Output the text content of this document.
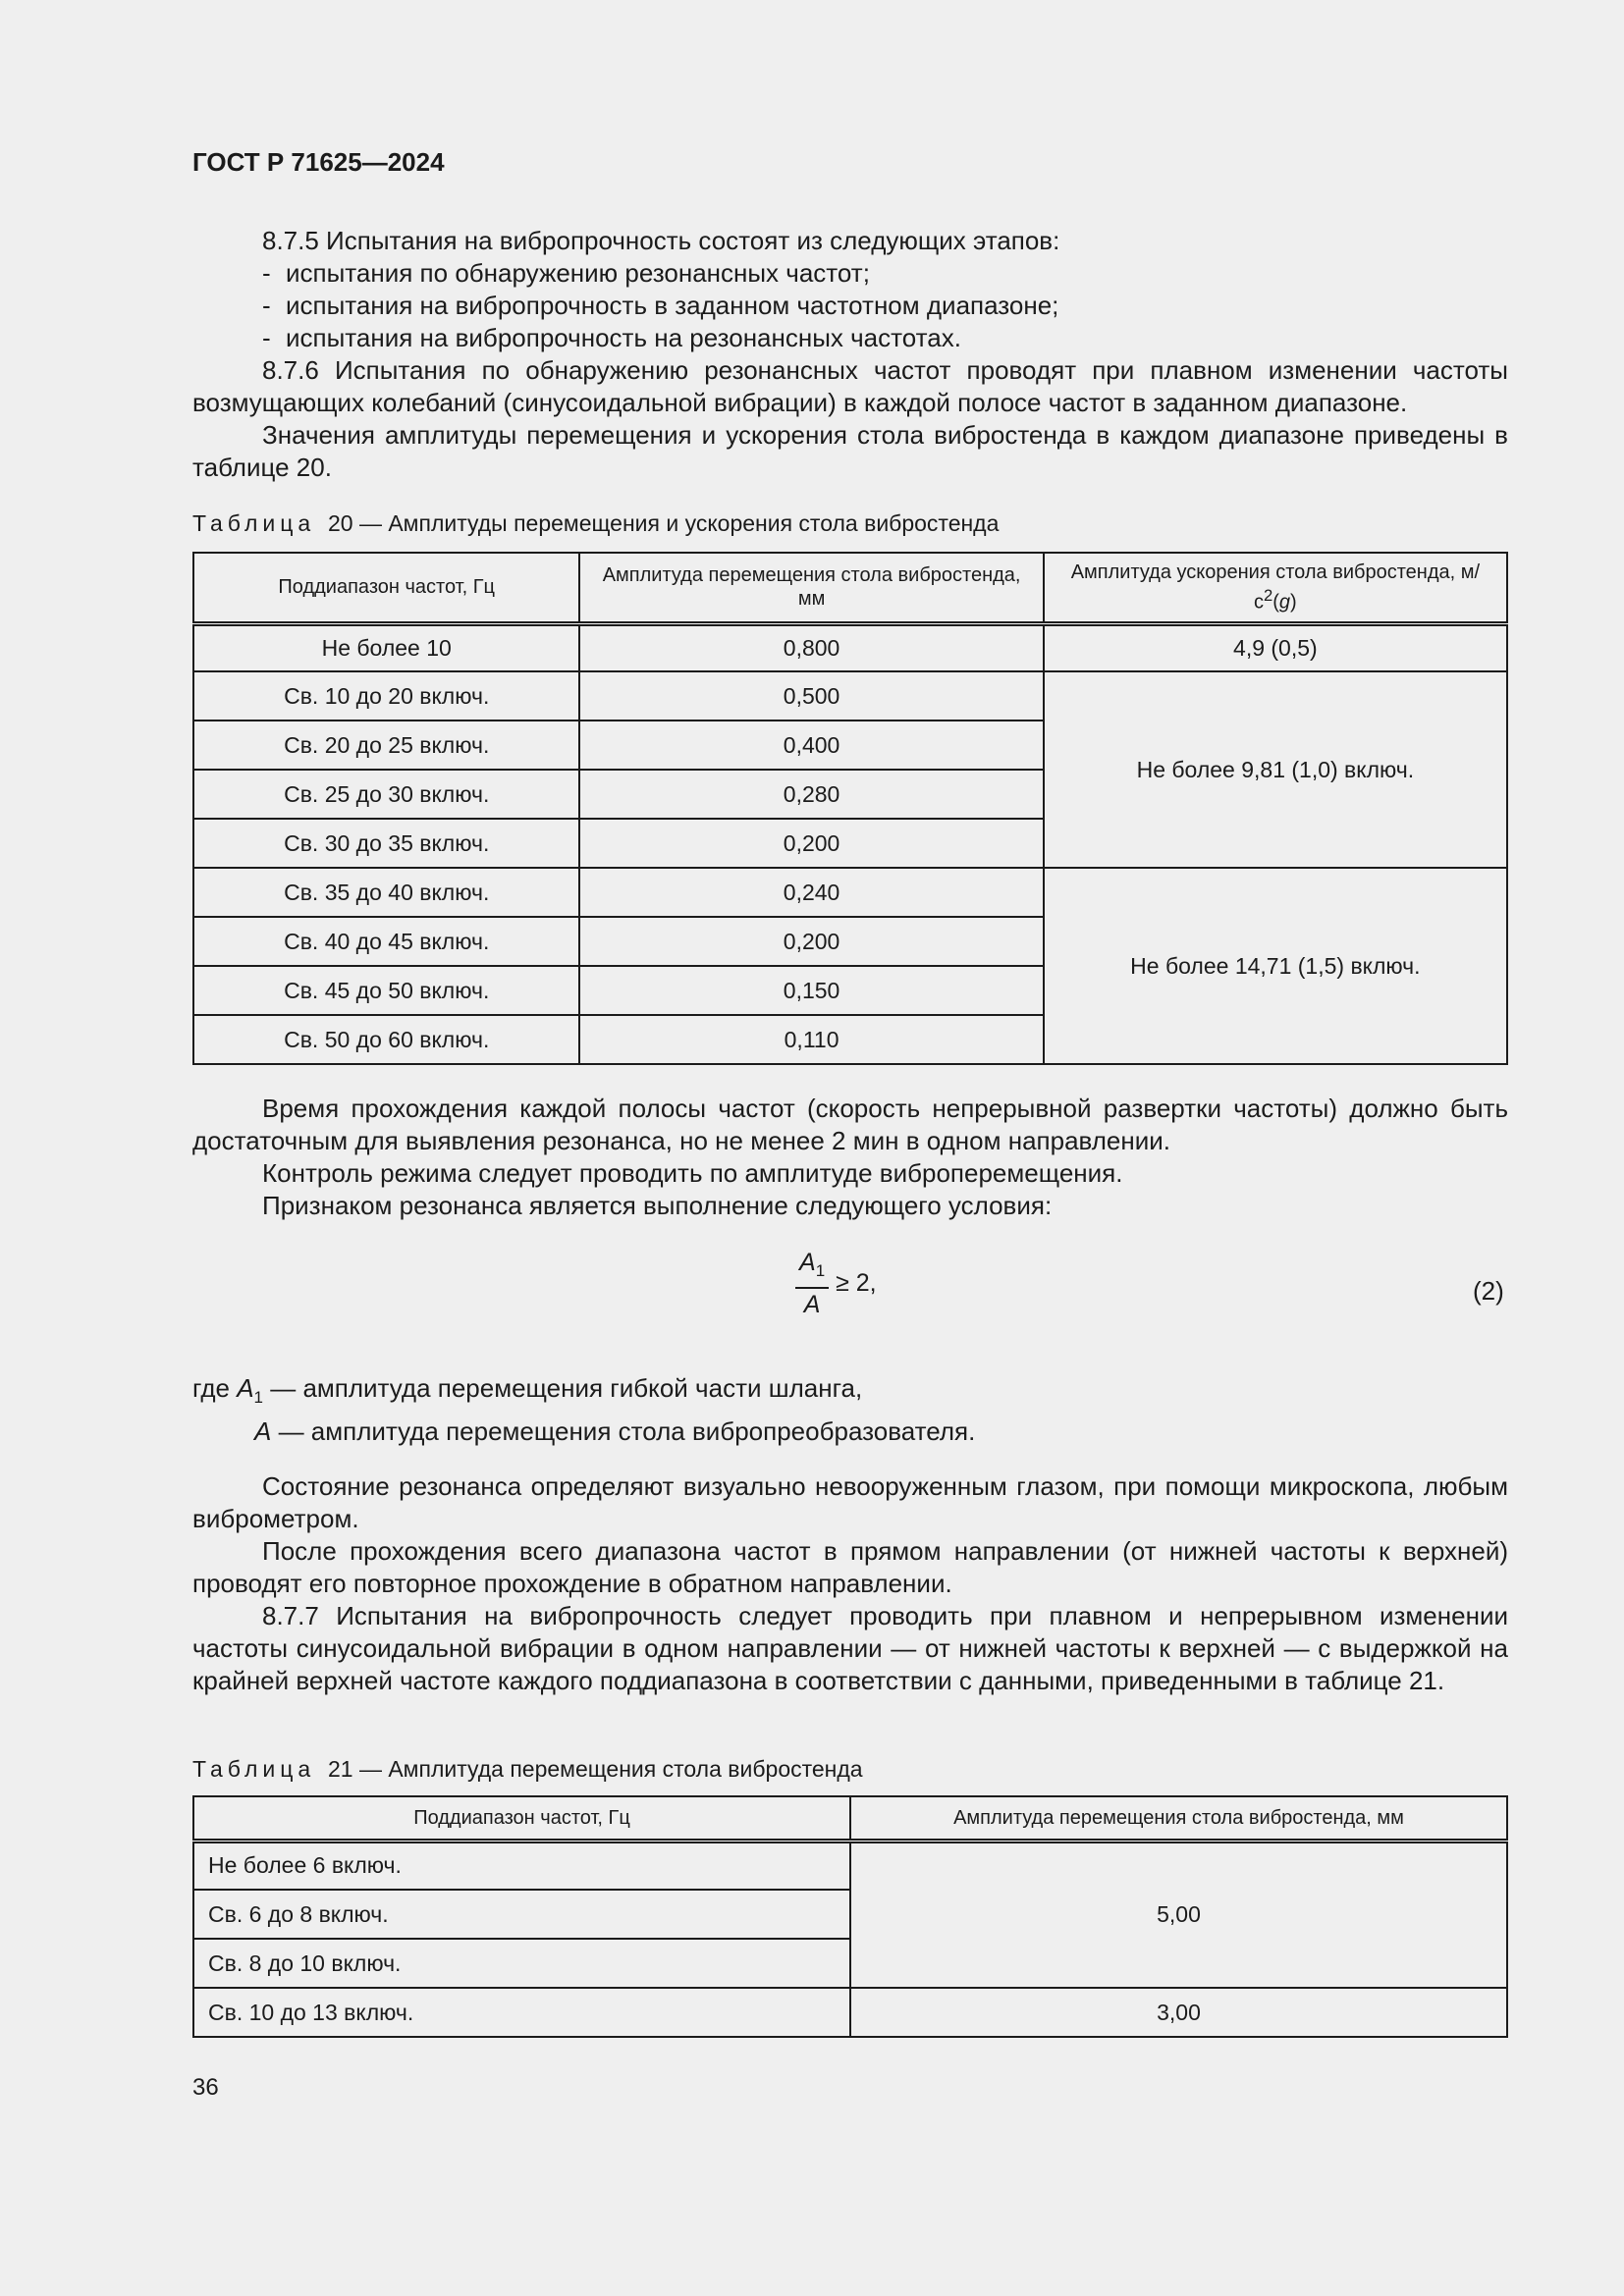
ГОСТ Р 71625—2024

8.7.5 Испытания на вибропрочность состоят из следующих этапов:

- испытания по обнаружению резонансных частот;

- испытания на вибропрочность в заданном частотном диапазоне;

- испытания на вибропрочность на резонансных частотах.

8.7.6 Испытания по обнаружению резонансных частот проводят при плавном изменении частоты возмущающих колебаний (синусоидальной вибрации) в каждой полосе частот в заданном диапазоне.

Значения амплитуды перемещения и ускорения стола вибростенда в каждом диапазоне приведены в таблице 20.

Таблица 20 — Амплитуды перемещения и ускорения стола вибростенда
Поддиапазон частот, Гц	Амплитуда перемещения стола вибростенда, мм	Амплитуда ускорения стола вибростенда, $м/с^2(g)$
Не более 10	0,800	4,9 (0,5)
Св. 10 до 20 включ.	0,500	Не более 9,81 (1,0) включ.
Св. 20 до 25 включ.	0,400	
Св. 25 до 30 включ.	0,280	
Св. 30 до 35 включ.	0,200	
Св. 35 до 40 включ.	0,240	Не более 14,71 (1,5) включ.
Св. 40 до 45 включ.	0,200	
Св. 45 до 50 включ.	0,150	
Св. 50 до 60 включ.	0,110	

Время прохождения каждой полосы частот (скорость непрерывной развертки частоты) должно быть достаточным для выявления резонанса, но не менее 2 мин в одном направлении.

Контроль режима следует проводить по амплитуде виброперемещения.

Признаком резонанса является выполнение следующего условия:

$\frac{A_1}{A} \ge 2$,	(2)
где $A_1$ — амплитуда перемещения гибкой части шланга,
A — амплитуда перемещения стола вибропреобразователя.

Состояние резонанса определяют визуально невооруженным глазом, при помощи микроскопа, любым виброметром.

После прохождения всего диапазона частот в прямом направлении (от нижней частоты к верхней) проводят его повторное прохождение в обратном направлении.

8.7.7 Испытания на вибропрочность следует проводить при плавном и непрерывном изменении частоты синусоидальной вибрации в одном направлении — от нижней частоты к верхней — с выдержкой на крайней верхней частоте каждого поддиапазона в соответствии с данными, приведенными в таблице 21.

Таблица 21 — Амплитуда перемещения стола вибростенда
Поддиапазон частот, Гц	Амплитуда перемещения стола вибростенда, мм
Не более 6 включ.	5,00
Св. 6 до 8 включ.	
Св. 8 до 10 включ.	
Св. 10 до 13 включ.	3,00
36
